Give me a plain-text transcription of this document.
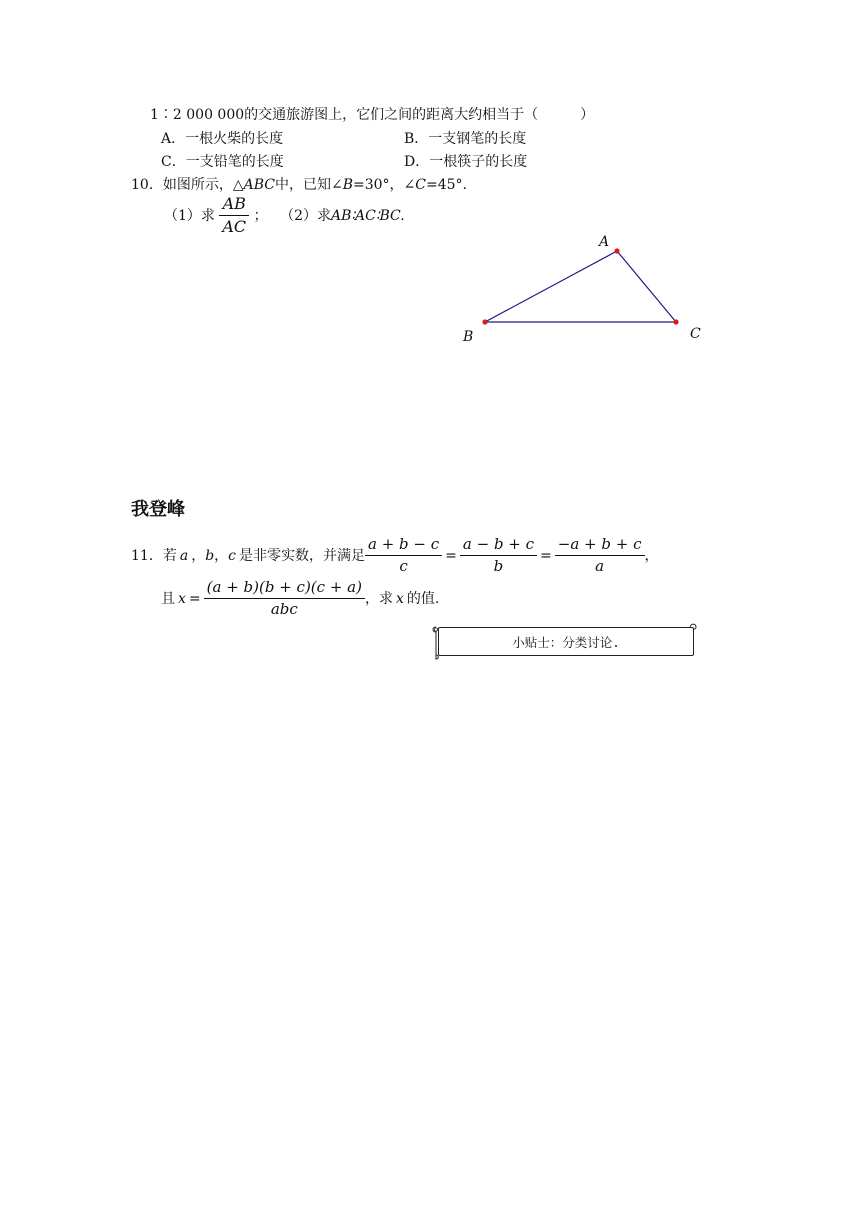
1∶2 000 000的交通旅游图上，它们之间的距离大约相当于（　　　）
A．一根火柴的长度	B．一支钢笔的长度
C．一支铅笔的长度	D．一根筷子的长度
10．如图所示，△ABC中，已知∠B=30°，∠C=45°.
（1）求 $\frac{AB}{AC}$ ； （2）求AB∶AC∶BC.
A
B	C
我登峰
11． 若 a ， b ， c 是非零实数，并满足 $\frac{a + b - c}{c} = \frac{a - b + c}{b} = \frac{-a + b + c}{a}$ ，
且 $x = \frac{(a + b)(b + c)(c + a)}{\text{abc}}$ ，求 x 的值.
小贴士：分类讨论.
